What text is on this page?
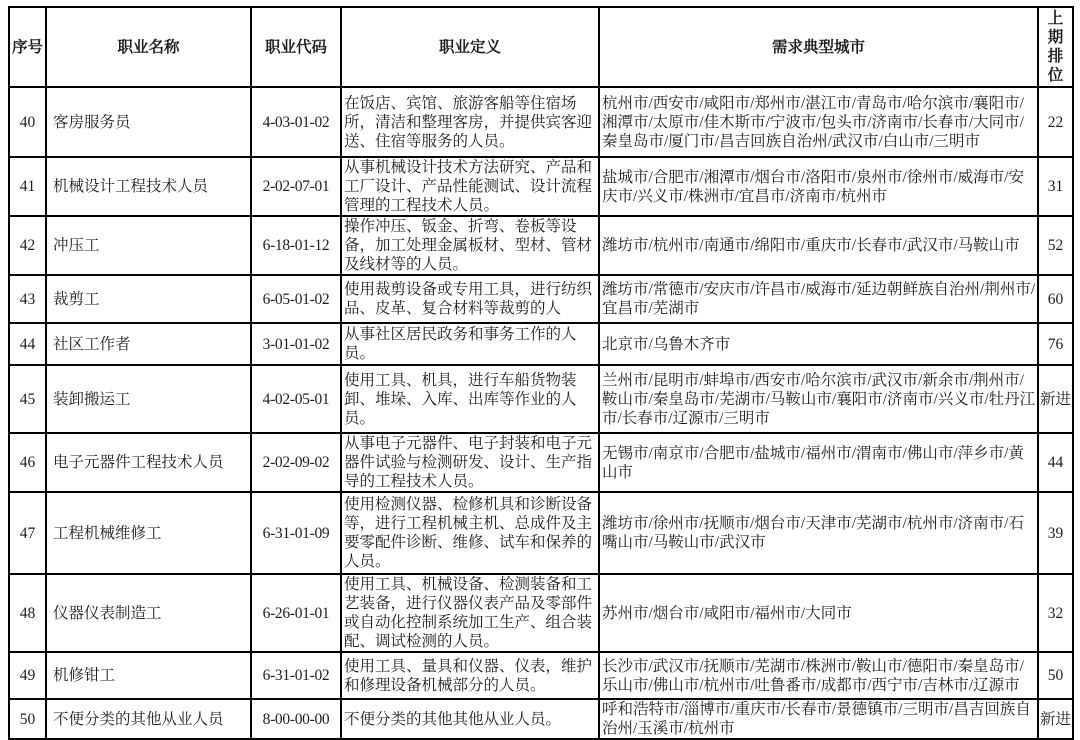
序号	职业名称	职业代码	职业定义	需求典型城市	上期排位
40	客房服务员	4-03-01-02	在饭店、宾馆、旅游客船等住宿场所，清洁和整理客房，并提供宾客迎送、住宿等服务的人员。	杭州市/西安市/咸阳市/郑州市/湛江市/青岛市/哈尔滨市/襄阳市/湘潭市/太原市/佳木斯市/宁波市/包头市/济南市/长春市/大同市/秦皇岛市/厦门市/昌吉回族自治州/武汉市/白山市/三明市	22
41	机械设计工程技术人员	2-02-07-01	从事机械设计技术方法研究、产品和工厂设计、产品性能测试、设计流程管理的工程技术人员。	盐城市/合肥市/湘潭市/烟台市/洛阳市/泉州市/徐州市/威海市/安庆市/兴义市/株洲市/宜昌市/济南市/杭州市	31
42	冲压工	6-18-01-12	操作冲压、钣金、折弯、卷板等设备，加工处理金属板材、型材、管材及线材等的人员。	潍坊市/杭州市/南通市/绵阳市/重庆市/长春市/武汉市/马鞍山市	52
43	裁剪工	6-05-01-02	使用裁剪设备或专用工具，进行纺织品、皮革、复合材料等裁剪的人	潍坊市/常德市/安庆市/许昌市/威海市/延边朝鲜族自治州/荆州市/宜昌市/芜湖市	60
44	社区工作者	3-01-01-02	从事社区居民政务和事务工作的人员。	北京市/乌鲁木齐市	76
45	装卸搬运工	4-02-05-01	使用工具、机具，进行车船货物装卸、堆垛、入库、出库等作业的人员。	兰州市/昆明市/蚌埠市/西安市/哈尔滨市/武汉市/新余市/荆州市/鞍山市/秦皇岛市/芜湖市/马鞍山市/襄阳市/济南市/兴义市/牡丹江市/长春市/辽源市/三明市	新进
46	电子元器件工程技术人员	2-02-09-02	从事电子元器件、电子封装和电子元器件试验与检测研发、设计、生产指导的工程技术人员。	无锡市/南京市/合肥市/盐城市/福州市/渭南市/佛山市/萍乡市/黄山市	44
47	工程机械维修工	6-31-01-09	使用检测仪器、检修机具和诊断设备等，进行工程机械主机、总成件及主要零配件诊断、维修、试车和保养的人员。	潍坊市/徐州市/抚顺市/烟台市/天津市/芜湖市/杭州市/济南市/石嘴山市/马鞍山市/武汉市	39
48	仪器仪表制造工	6-26-01-01	使用工具、机械设备、检测装备和工艺装备，进行仪器仪表产品及零部件或自动化控制系统加工生产、组合装配、调试检测的人员。	苏州市/烟台市/咸阳市/福州市/大同市	32
49	机修钳工	6-31-01-02	使用工具、量具和仪器、仪表，维护和修理设备机械部分的人员。	长沙市/武汉市/抚顺市/芜湖市/株洲市/鞍山市/德阳市/秦皇岛市/乐山市/佛山市/杭州市/吐鲁番市/成都市/西宁市/吉林市/辽源市	50
50	不便分类的其他从业人员	8-00-00-00	不便分类的其他其他从业人员。	呼和浩特市/淄博市/重庆市/长春市/景德镇市/三明市/昌吉回族自治州/玉溪市/杭州市	新进
